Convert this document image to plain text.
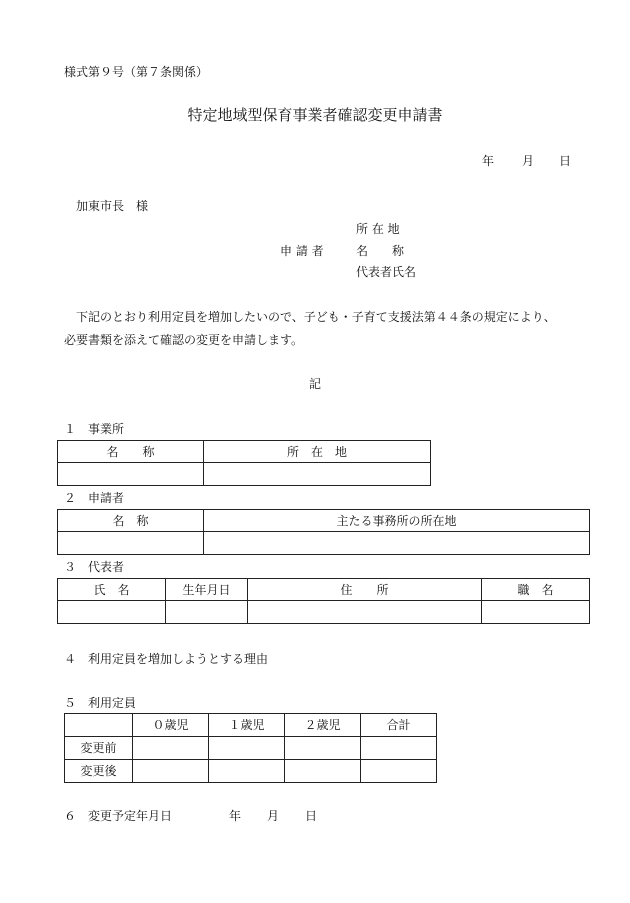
様式第９号（第７条関係）
特定地域型保育事業者確認変更申請書
年 月 日
加東市長　様
所 在 地
申 請 者	名　　称
代表者氏名
下記のとおり利用定員を増加したいので、子ども・子育て支援法第４４条の規定により、
必要書類を添えて確認の変更を申請します。
記
１　事業所
名　　称	所　在　地

２　申請者
名　称	主たる事務所の所在地

３　代表者
氏　名	生年月日	住　　所	職　名

４　利用定員を増加しようとする理由
５　利用定員
	０歳児	１歳児	２歳児	合計
変更前				
変更後				
６　変更予定年月日	年 月 日
